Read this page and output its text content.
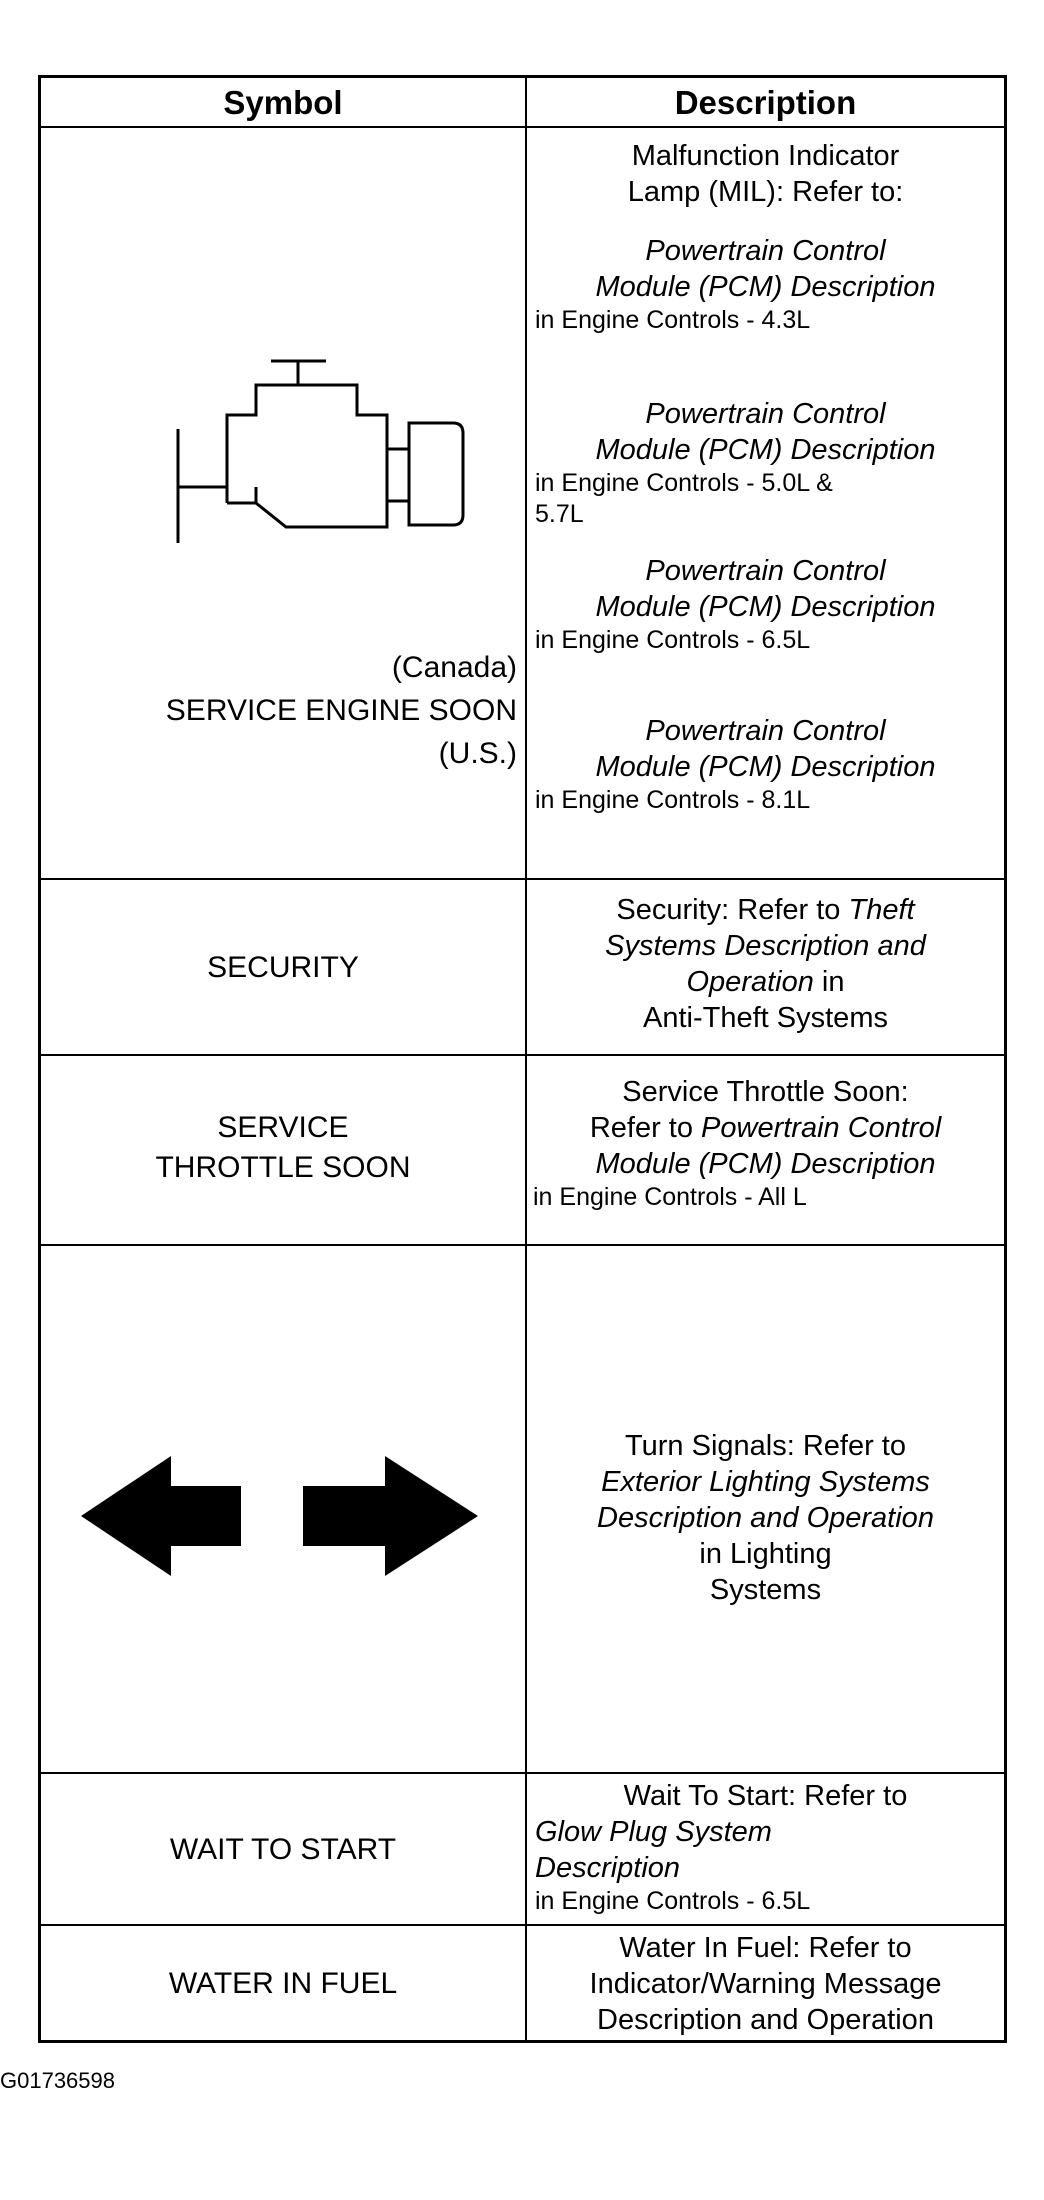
Symbol	Description
(Canada)
SERVICE ENGINE SOON
(U.S.)
Malfunction Indicator
Lamp (MIL): Refer to:
Powertrain Control
Module (PCM) Description
in Engine Controls - 4.3L
Powertrain Control
Module (PCM) Description
in Engine Controls - 5.0L &
5.7L
Powertrain Control
Module (PCM) Description
in Engine Controls - 6.5L
Powertrain Control
Module (PCM) Description
in Engine Controls - 8.1L
SECURITY
Security: Refer to Theft
Systems Description and
Operation in
Anti-Theft Systems
SERVICE
THROTTLE SOON
Service Throttle Soon:
Refer to Powertrain Control
Module (PCM) Description
in Engine Controls - All L
Turn Signals: Refer to
Exterior Lighting Systems
Description and Operation
in Lighting
Systems
WAIT TO START
Wait To Start: Refer to
Glow Plug System
Description
in Engine Controls - 6.5L
WATER IN FUEL
Water In Fuel: Refer to
Indicator/Warning Message
Description and Operation
G01736598
